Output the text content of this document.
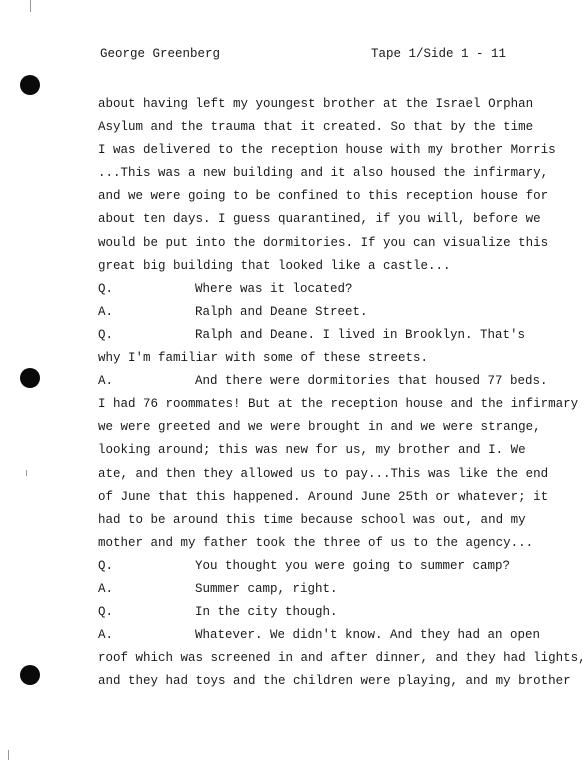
George Greenberg	Tape 1/Side 1 - 11
about having left my youngest brother at the Israel Orphan
Asylum and the trauma that it created. So that by the time
I was delivered to the reception house with my brother Morris
...This was a new building and it also housed the infirmary,
and we were going to be confined to this reception house for
about ten days. I guess quarantined, if you will, before we
would be put into the dormitories. If you can visualize this
great big building that looked like a castle...
Q.	Where was it located?
A.	Ralph and Deane Street.
Q.	Ralph and Deane. I lived in Brooklyn. That's
why I'm familiar with some of these streets.
A.	And there were dormitories that housed 77 beds.
I had 76 roommates! But at the reception house and the infirmary
we were greeted and we were brought in and we were strange,
looking around; this was new for us, my brother and I. We
ate, and then they allowed us to pay...This was like the end
of June that this happened. Around June 25th or whatever; it
had to be around this time because school was out, and my
mother and my father took the three of us to the agency...
Q.	You thought you were going to summer camp?
A.	Summer camp, right.
Q.	In the city though.
A.	Whatever. We didn't know. And they had an open
roof which was screened in and after dinner, and they had lights,
and they had toys and the children were playing, and my brother
